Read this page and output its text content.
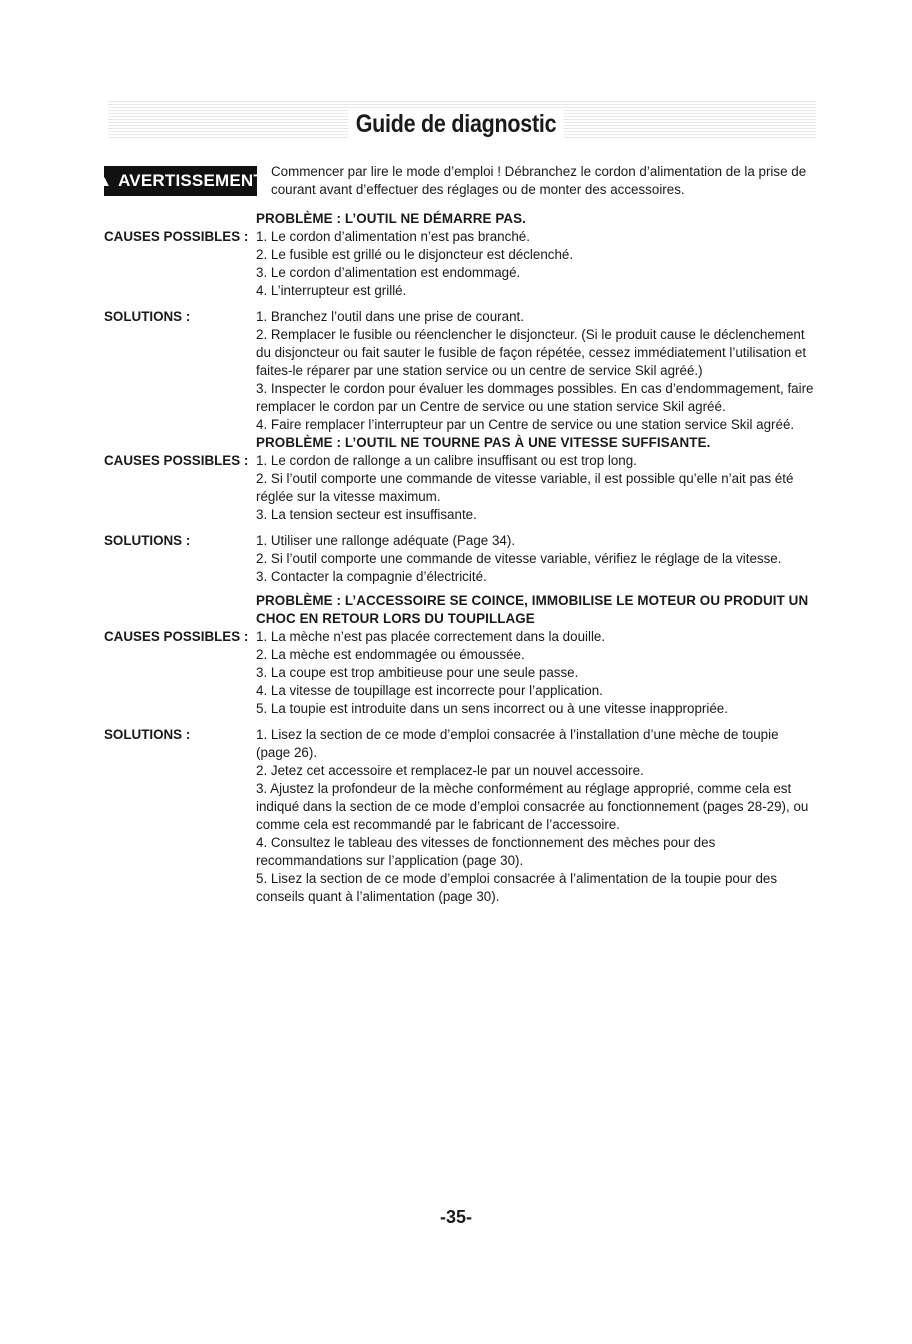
Guide de diagnostic
▲ AVERTISSEMENT Commencer par lire le mode d’emploi ! Débranchez le cordon d’alimentation de la prise de courant avant d’effectuer des réglages ou de monter des accessoires.
PROBLÈME : L’OUTIL NE DÉMARRE PAS.
CAUSES POSSIBLES : 1. Le cordon d’alimentation n’est pas branché.
2. Le fusible est grillé ou le disjoncteur est déclenché.
3. Le cordon d’alimentation est endommagé.
4. L’interrupteur est grillé.
SOLUTIONS :	1. Branchez l’outil dans une prise de courant.
2. Remplacer le fusible ou réenclencher le disjoncteur. (Si le produit cause le déclenchement du disjoncteur ou fait sauter le fusible de façon répétée, cessez immédiatement l’utilisation et faites-le réparer par une station service ou un centre de service Skil agréé.)
3. Inspecter le cordon pour évaluer les dommages possibles. En cas d’endommagement, faire remplacer le cordon par un Centre de service ou une station service Skil agréé.
4. Faire remplacer l’interrupteur par un Centre de service ou une station service Skil agréé.
PROBLÈME : L’OUTIL NE TOURNE PAS À UNE VITESSE SUFFISANTE.
CAUSES POSSIBLES : 1. Le cordon de rallonge a un calibre insuffisant ou est trop long.
2. Si l’outil comporte une commande de vitesse variable, il est possible qu’elle n’ait pas été réglée sur la vitesse maximum.
3. La tension secteur est insuffisante.
SOLUTIONS :	1. Utiliser une rallonge adéquate (Page 34).
2. Si l’outil comporte une commande de vitesse variable, vérifiez le réglage de la vitesse.
3. Contacter la compagnie d’électricité.
PROBLÈME : L’ACCESSOIRE SE COINCE, IMMOBILISE LE MOTEUR OU PRODUIT UN CHOC EN RETOUR LORS DU TOUPILLAGE
CAUSES POSSIBLES : 1. La mèche n’est pas placée correctement dans la douille.
2. La mèche est endommagée ou émoussée.
3. La coupe est trop ambitieuse pour une seule passe.
4. La vitesse de toupillage est incorrecte pour l’application.
5. La toupie est introduite dans un sens incorrect ou à une vitesse inappropriée.
SOLUTIONS :	1. Lisez la section de ce mode d’emploi consacrée à l’installation d’une mèche de toupie (page 26).
2. Jetez cet accessoire et remplacez-le par un nouvel accessoire.
3. Ajustez la profondeur de la mèche conformément au réglage approprié, comme cela est indiqué dans la section de ce mode d’emploi consacrée au fonctionnement (pages 28-29), ou comme cela est recommandé par le fabricant de l’accessoire.
4. Consultez le tableau des vitesses de fonctionnement des mèches pour des recommandations sur l’application (page 30).
5. Lisez la section de ce mode d’emploi consacrée à l’alimentation de la toupie pour des conseils quant à l’alimentation (page 30).
-35-
